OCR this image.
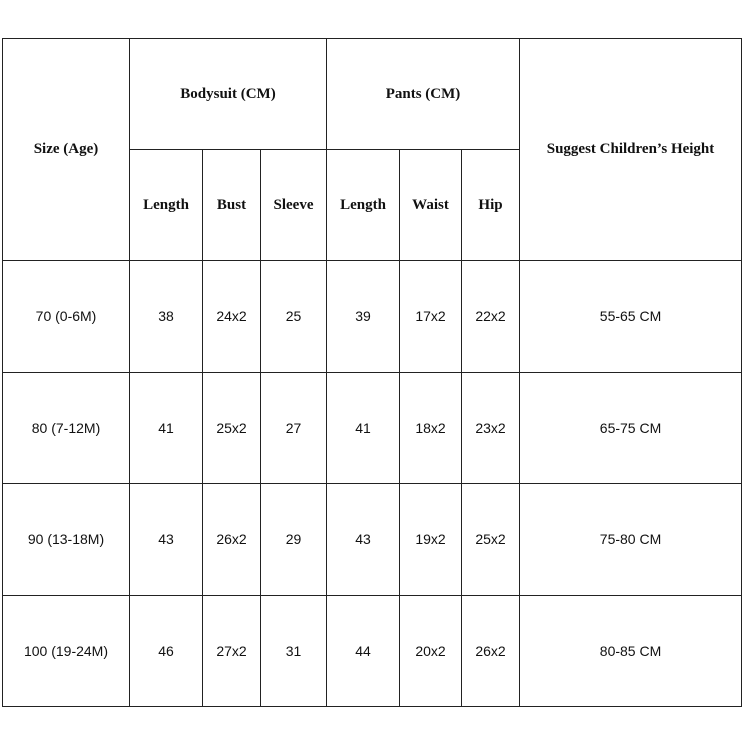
Size (Age)	Bodysuit (CM)			Pants (CM)			Suggest Children’s Height
	Length	Bust	Sleeve	Length	Waist	Hip	
70 (0-6M)	38	24x2	25	39	17x2	22x2	55-65 CM
80 (7-12M)	41	25x2	27	41	18x2	23x2	65-75 CM
90 (13-18M)	43	26x2	29	43	19x2	25x2	75-80 CM
100 (19-24M)	46	27x2	31	44	20x2	26x2	80-85 CM
